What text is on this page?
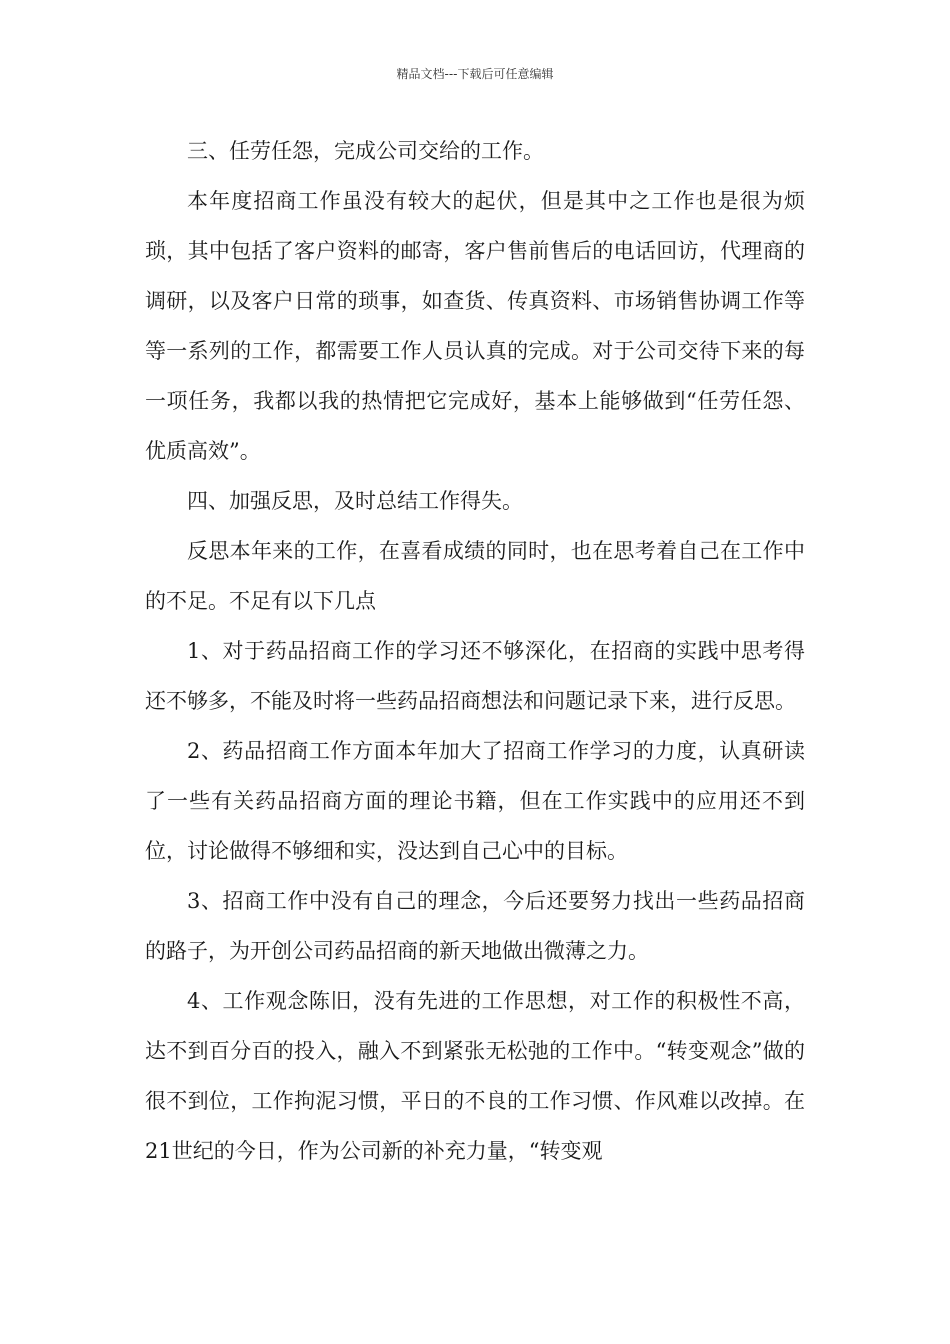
精品文档---下载后可任意编辑

三、任劳任怨，完成公司交给的工作。

本年度招商工作虽没有较大的起伏，但是其中之工作也是很为烦琐，其中包括了客户资料的邮寄，客户售前售后的电话回访，代理商的调研，以及客户日常的琐事，如查货、传真资料、市场销售协调工作等等一系列的工作，都需要工作人员认真的完成。对于公司交待下来的每一项任务，我都以我的热情把它完成好，基本上能够做到“任劳任怨、优质高效”。

四、加强反思，及时总结工作得失。

反思本年来的工作，在喜看成绩的同时，也在思考着自己在工作中的不足。不足有以下几点

1、对于药品招商工作的学习还不够深化，在招商的实践中思考得还不够多，不能及时将一些药品招商想法和问题记录下来，进行反思。

2、药品招商工作方面本年加大了招商工作学习的力度，认真研读了一些有关药品招商方面的理论书籍，但在工作实践中的应用还不到位，讨论做得不够细和实，没达到自己心中的目标。

3、招商工作中没有自己的理念，今后还要努力找出一些药品招商的路子，为开创公司药品招商的新天地做出微薄之力。

4、工作观念陈旧，没有先进的工作思想，对工作的积极性不高，达不到百分百的投入，融入不到紧张无松弛的工作中。“转变观念”做的很不到位，工作拘泥习惯，平日的不良的工作习惯、作风难以改掉。在21世纪的今日，作为公司新的补充力量，“转变观
